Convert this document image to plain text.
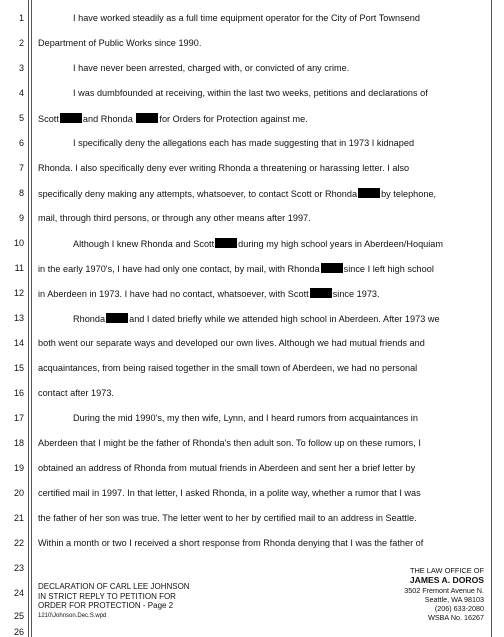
1
2
3
4
5
6
7
8
9
10
11
12
13
14
15
16
17
18
19
20
21
22
23
24
25
26
I have worked steadily as a full time equipment operator for the City of Port Townsend
Department of Public Works since 1990.
I have never been arrested, charged with, or convicted of any crime.
I was dumbfounded at receiving, within the last two weeks, petitions and declarations of
Scott	and Rhonda	for Orders for Protection against me.
I specifically deny the allegations each has made suggesting that in 1973 I kidnaped
Rhonda. I also specifically deny ever writing Rhonda a threatening or harassing letter. I also
specifically deny making any attempts, whatsoever, to contact Scott or Rhonda	by telephone,
mail, through third persons, or through any other means after 1997.
Although I knew Rhonda and Scott	during my high school years in Aberdeen/Hoquiam
in the early 1970's, I have had only one contact, by mail, with Rhonda	since I left high school
in Aberdeen in 1973. I have had no contact, whatsoever, with Scott	since 1973.
Rhonda	and I dated briefly while we attended high school in Aberdeen. After 1973 we
both went our separate ways and developed our own lives. Although we had mutual friends and
acquaintances, from being raised together in the small town of Aberdeen, we had no personal
contact after 1973.
During the mid 1990's, my then wife, Lynn, and I heard rumors from acquaintances in
Aberdeen that I might be the father of Rhonda's then adult son. To follow up on these rumors, I
obtained an address of Rhonda from mutual friends in Aberdeen and sent her a brief letter by
certified mail in 1997. In that letter, I asked Rhonda, in a polite way, whether a rumor that I was
the father of her son was true. The letter went to her by certified mail to an address in Seattle.
Within a month or two I received a short response from Rhonda denying that I was the father of
DECLARATION OF CARL LEE JOHNSON
IN STRICT REPLY TO PETITION FOR
ORDER FOR PROTECTION - Page 2
1210\Johnson.Dec.S.wpd
THE LAW OFFICE OF
JAMES A. DOROS
3502 Fremont Avenue N.
Seattle, WA 98103
(206) 633-2080
WSBA No. 16267
